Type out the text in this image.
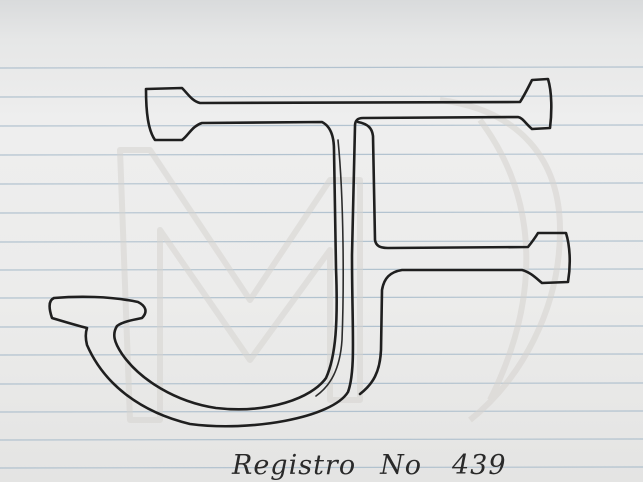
Registro No 439
